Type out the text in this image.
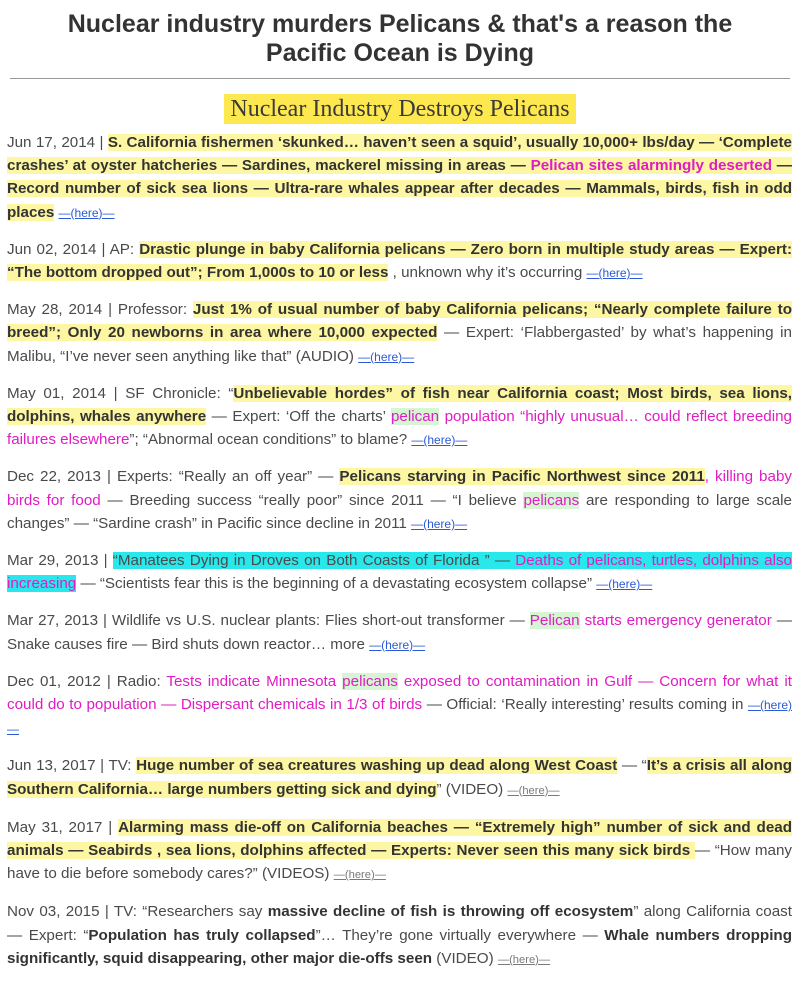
Nuclear industry murders Pelicans & that's a reason the
Pacific Ocean is Dying
Nuclear Industry Destroys Pelicans

Jun 17, 2014 | S. California fishermen ‘skunked… haven’t seen a squid’, usually 10,000+ lbs/day — ‘Complete crashes’ at oyster hatcheries — Sardines, mackerel missing in areas — Pelican sites alarmingly deserted — Record number of sick sea lions — Ultra-rare whales appear after decades — Mammals, birds, fish in odd places —(here)—

Jun 02, 2014 | AP: Drastic plunge in baby California pelicans — Zero born in multiple study areas — Expert: “The bottom dropped out”; From 1,000s to 10 or less , unknown why it’s occurring —(here)—

May 28, 2014 | Professor: Just 1% of usual number of baby California pelicans; “Nearly complete failure to breed”; Only 20 newborns in area where 10,000 expected — Expert: ‘Flabbergasted’ by what’s happening in Malibu, “I’ve never seen anything like that” (AUDIO) —(here)—

May 01, 2014 | SF Chronicle: “Unbelievable hordes” of fish near California coast; Most birds, sea lions, dolphins, whales anywhere — Expert: ‘Off the charts’ pelican population “highly unusual… could reflect breeding failures elsewhere”; “Abnormal ocean conditions” to blame? —(here)—

Dec 22, 2013 | Experts: “Really an off year” — Pelicans starving in Pacific Northwest since 2011, killing baby birds for food — Breeding success “really poor” since 2011 — “I believe pelicans are responding to large scale changes” — “Sardine crash” in Pacific since decline in 2011 —(here)—

Mar 29, 2013 | “Manatees Dying in Droves on Both Coasts of Florida ” — Deaths of pelicans, turtles, dolphins also increasing — “Scientists fear this is the beginning of a devastating ecosystem collapse” —(here)—

Mar 27, 2013 | Wildlife vs U.S. nuclear plants: Flies short-out transformer — Pelican starts emergency generator — Snake causes fire — Bird shuts down reactor… more —(here)—

Dec 01, 2012 | Radio: Tests indicate Minnesota pelicans exposed to contamination in Gulf — Concern for what it could do to population — Dispersant chemicals in 1/3 of birds — Official: ‘Really interesting’ results coming in —(here)—

Jun 13, 2017 | TV: Huge number of sea creatures washing up dead along West Coast — “It’s a crisis all along Southern California… large numbers getting sick and dying” (VIDEO) —(here)—

May 31, 2017 | Alarming mass die-off on California beaches — “Extremely high” number of sick and dead animals — Seabirds , sea lions, dolphins affected — Experts: Never seen this many sick birds — “How many have to die before somebody cares?” (VIDEOS) —(here)—

Nov 03, 2015 | TV: “Researchers say massive decline of fish is throwing off ecosystem” along California coast — Expert: “Population has truly collapsed”… They’re gone virtually everywhere — Whale numbers dropping significantly, squid disappearing, other major die-offs seen (VIDEO) —(here)—
